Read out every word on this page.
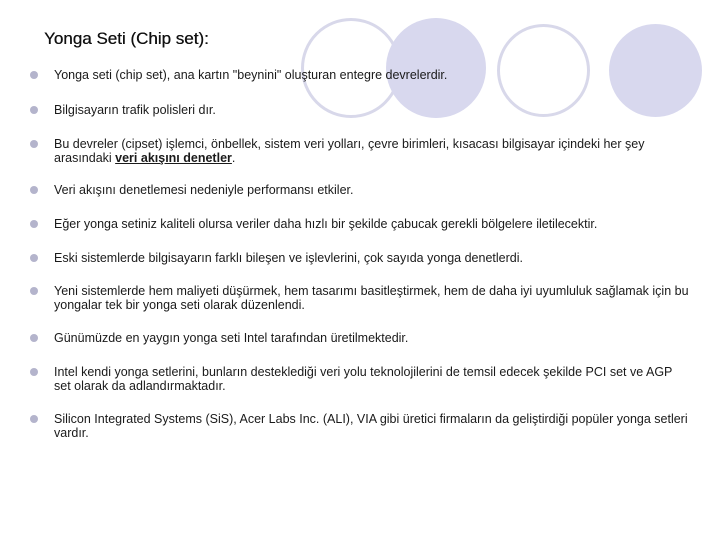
Yonga Seti (Chip set):
Yonga seti (chip set), ana kartın "beynini" oluşturan entegre devrelerdir.
Bilgisayarın trafik polisleri dır.
Bu devreler (cipset) işlemci, önbellek, sistem veri yolları, çevre birimleri, kısacası bilgisayar içindeki her şey arasındaki veri akışını denetler.
Veri akışını denetlemesi nedeniyle performansı etkiler.
Eğer yonga setiniz kaliteli olursa veriler daha hızlı bir şekilde çabucak gerekli bölgelere iletilecektir.
Eski sistemlerde bilgisayarın farklı bileşen ve işlevlerini, çok sayıda yonga denetlerdi.
Yeni sistemlerde hem maliyeti düşürmek, hem tasarımı basitleştirmek, hem de daha iyi uyumluluk sağlamak için bu yongalar tek bir yonga seti olarak düzenlendi.
Günümüzde en yaygın yonga seti Intel tarafından üretilmektedir.
Intel kendi yonga setlerini, bunların desteklediği veri yolu teknolojilerini de temsil edecek şekilde PCI set ve AGP set olarak da adlandırmaktadır.
Silicon Integrated Systems (SiS), Acer Labs Inc. (ALI), VIA gibi üretici firmaların da geliştirdiği popüler yonga setleri vardır.
